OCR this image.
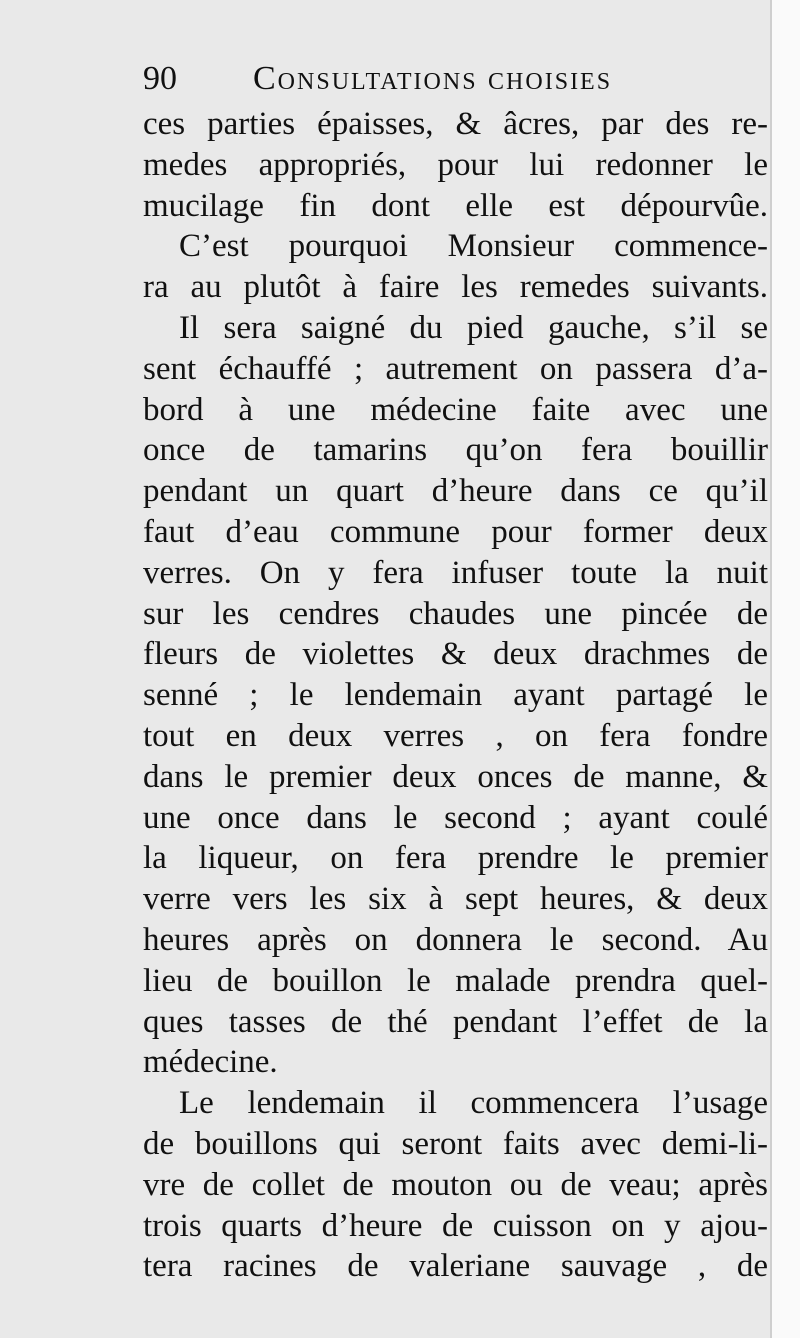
90 Consultations choisies
ces parties épaisses, & âcres, par des re-
medes appropriés, pour lui redonner le
mucilage fin dont elle est dépourvûe.
C’est pourquoi Monsieur commence-
ra au plutôt à faire les remedes suivants.
Il sera saigné du pied gauche, s’il se
sent échauffé ; autrement on passera d’a-
bord à une médecine faite avec une
once de tamarins qu’on fera bouillir
pendant un quart d’heure dans ce qu’il
faut d’eau commune pour former deux
verres. On y fera infuser toute la nuit
sur les cendres chaudes une pincée de
fleurs de violettes & deux drachmes de
senné ; le lendemain ayant partagé le
tout en deux verres , on fera fondre
dans le premier deux onces de manne, &
une once dans le second ; ayant coulé
la liqueur, on fera prendre le premier
verre vers les six à sept heures, & deux
heures après on donnera le second. Au
lieu de bouillon le malade prendra quel-
ques tasses de thé pendant l’effet de la
médecine.
Le lendemain il commencera l’usage
de bouillons qui seront faits avec demi-li-
vre de collet de mouton ou de veau; après
trois quarts d’heure de cuisson on y ajou-
tera racines de valeriane sauvage , de
